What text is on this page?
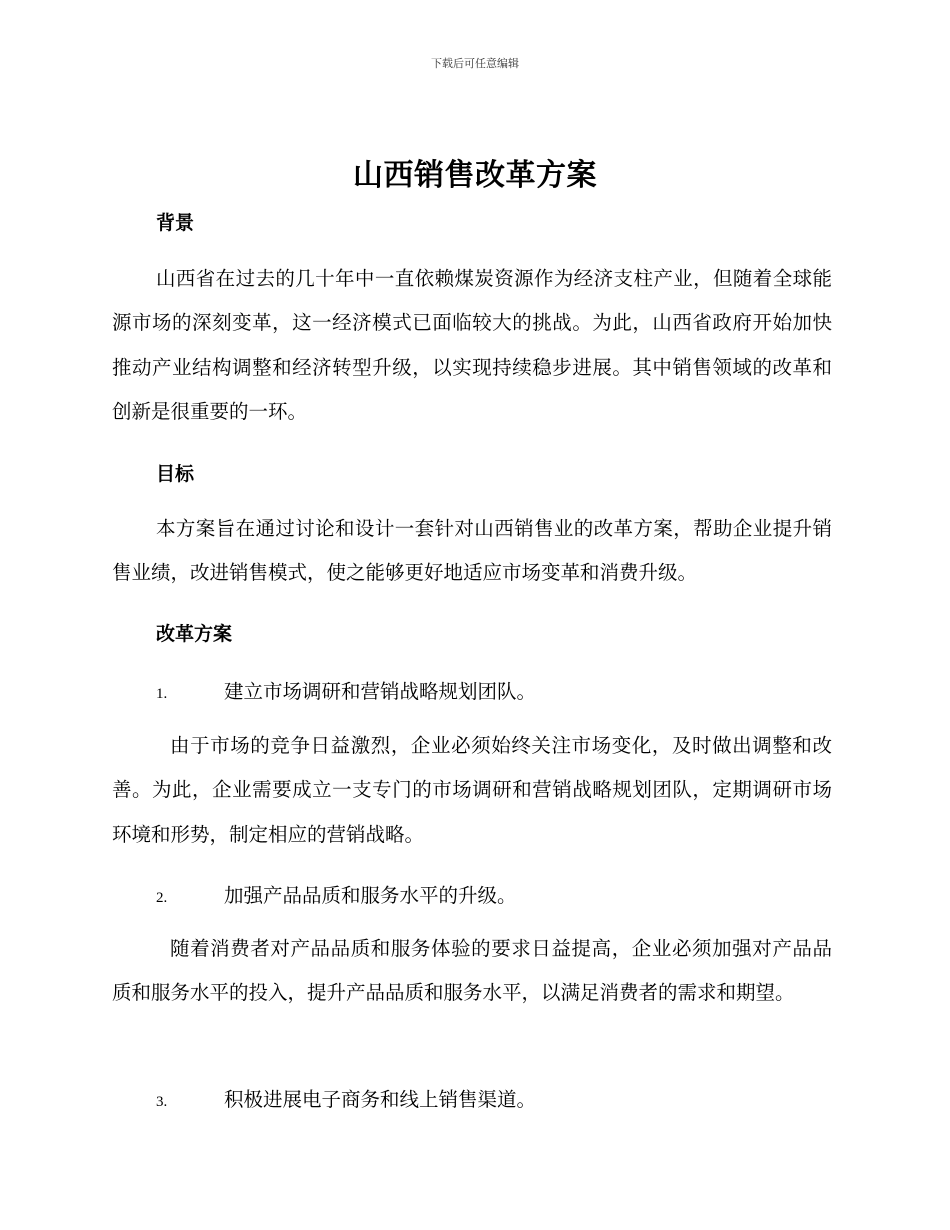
下载后可任意编辑
山西销售改革方案
背景

山西省在过去的几十年中一直依赖煤炭资源作为经济支柱产业，但随着全球能源市场的深刻变革，这一经济模式已面临较大的挑战。为此，山西省政府开始加快推动产业结构调整和经济转型升级，以实现持续稳步进展。其中销售领域的改革和创新是很重要的一环。

目标

本方案旨在通过讨论和设计一套针对山西销售业的改革方案，帮助企业提升销售业绩，改进销售模式，使之能够更好地适应市场变革和消费升级。

改革方案
1.	建立市场调研和营销战略规划团队。

由于市场的竞争日益激烈，企业必须始终关注市场变化，及时做出调整和改善。为此，企业需要成立一支专门的市场调研和营销战略规划团队，定期调研市场环境和形势，制定相应的营销战略。

2.	加强产品品质和服务水平的升级。

随着消费者对产品品质和服务体验的要求日益提高，企业必须加强对产品品质和服务水平的投入，提升产品品质和服务水平，以满足消费者的需求和期望。

3.	积极进展电子商务和线上销售渠道。
